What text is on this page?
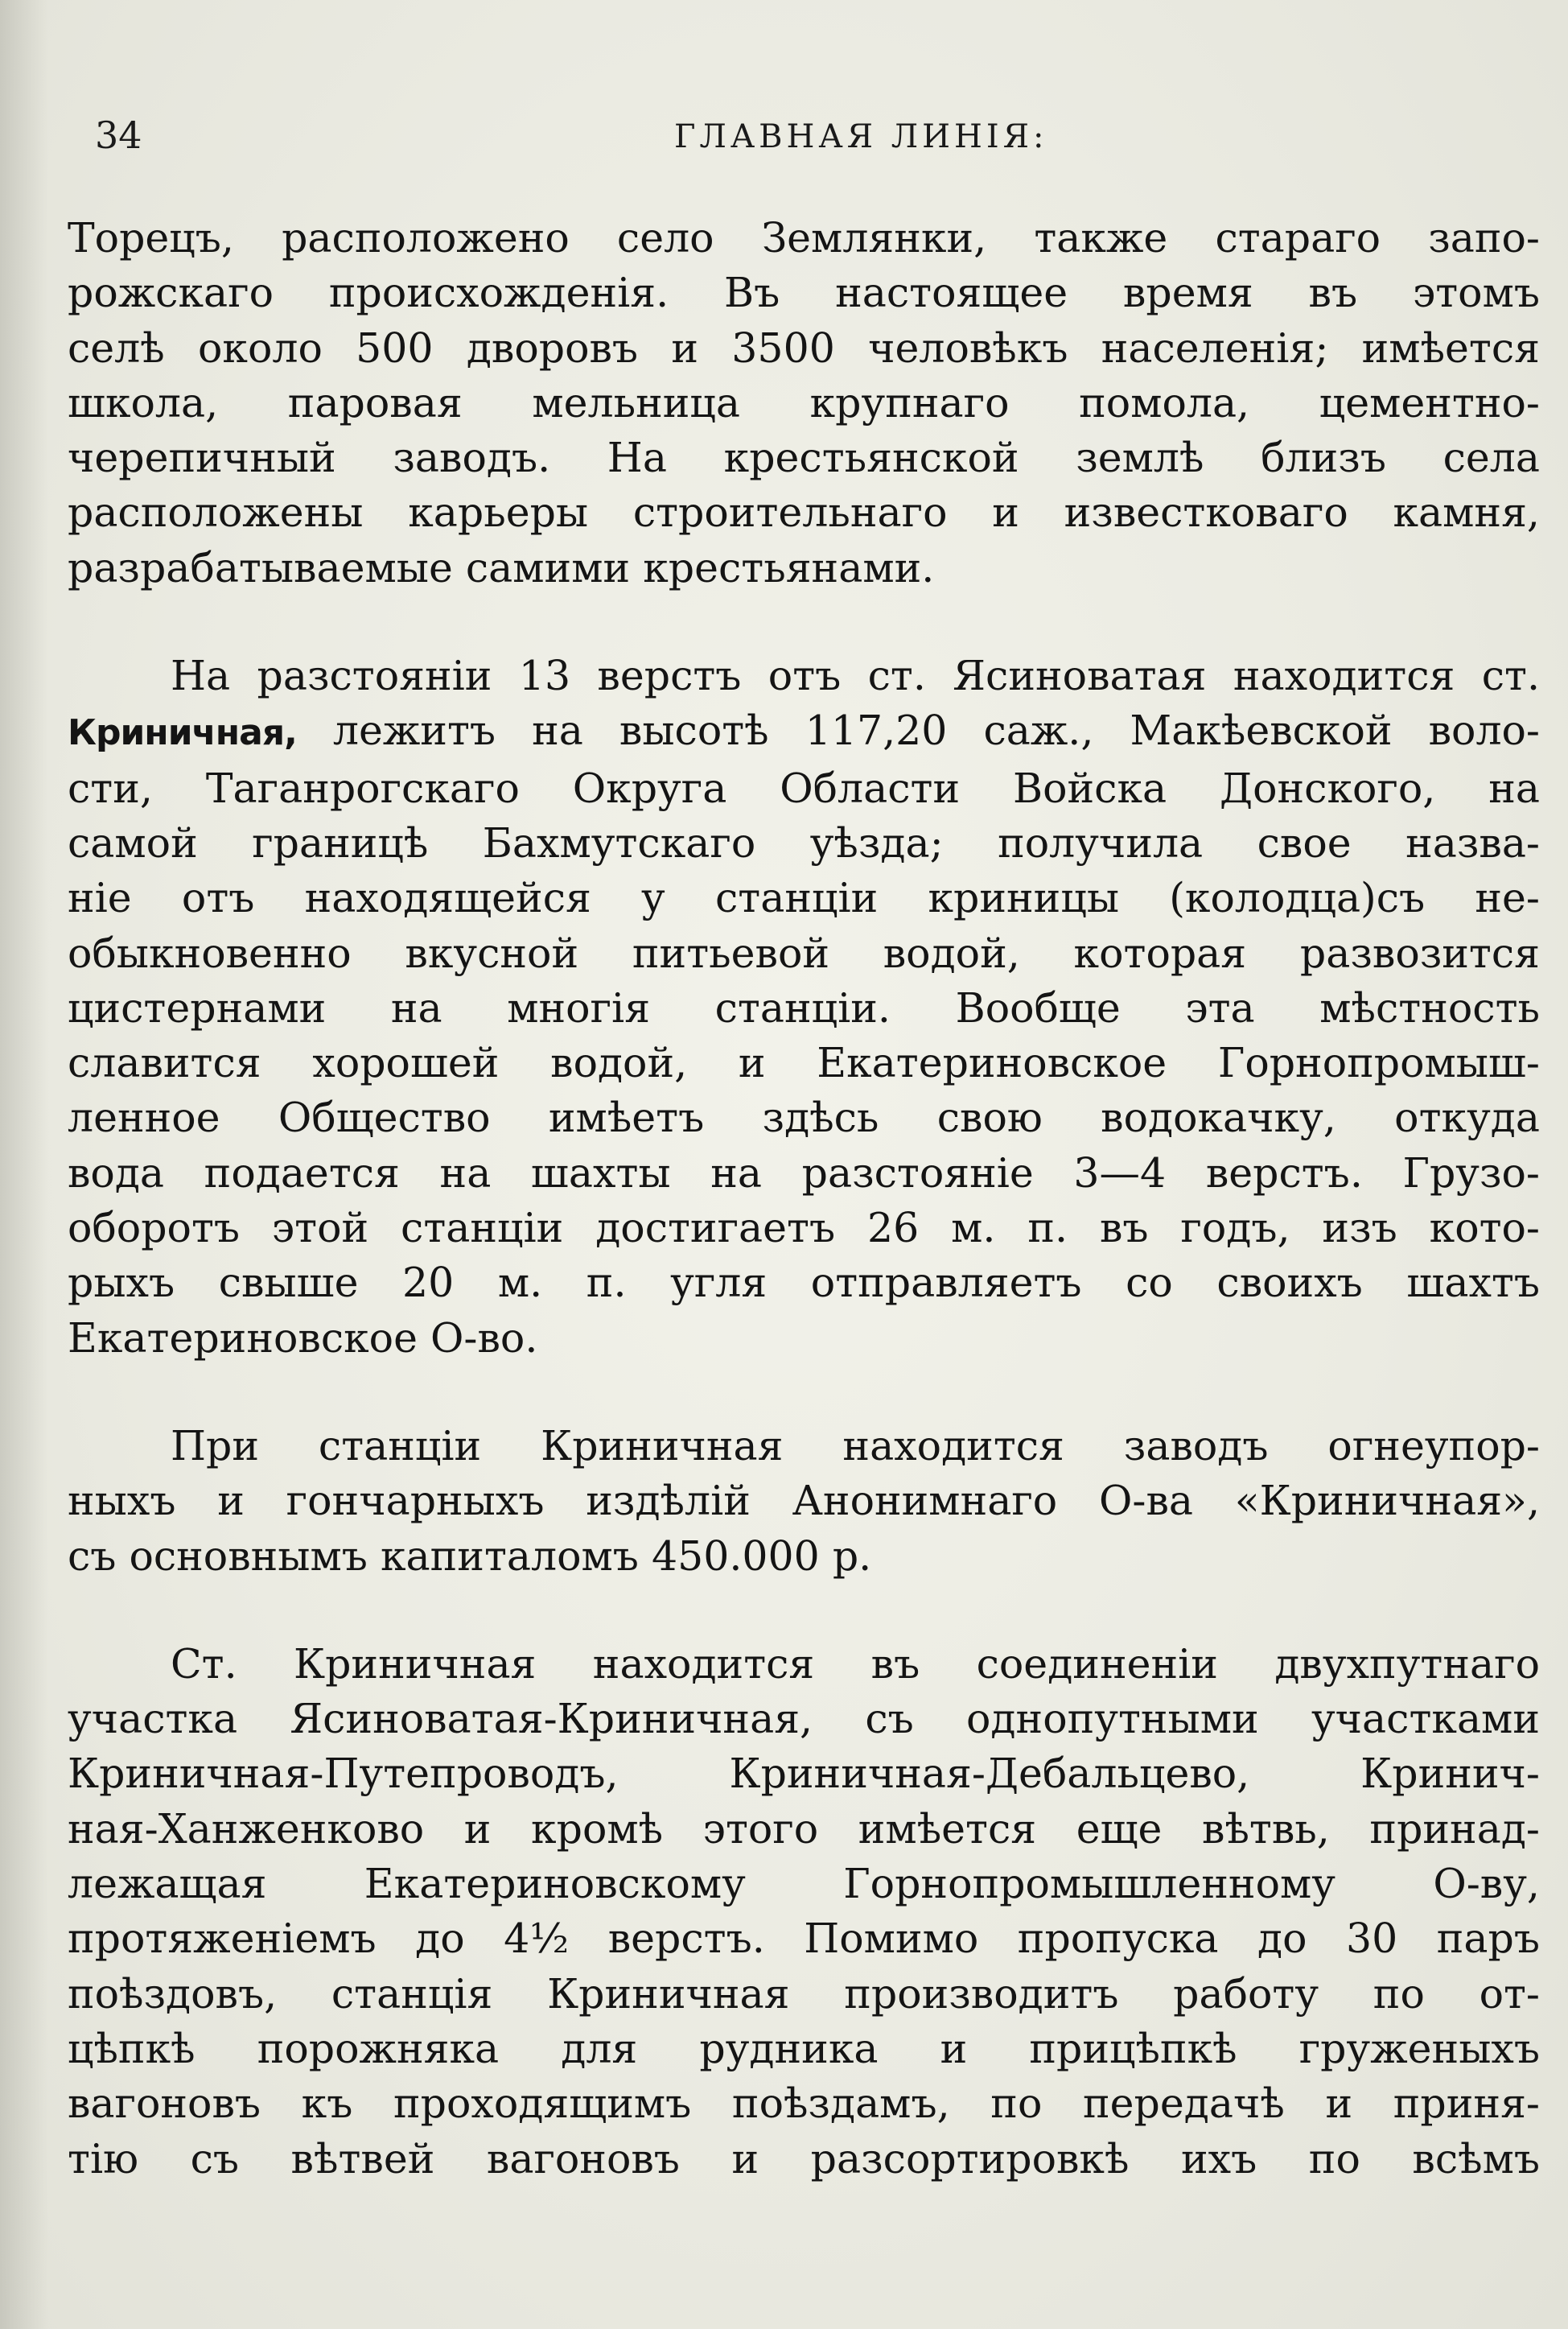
34	ГЛАВНАЯ ЛИНІЯ:
Торецъ, расположено село Землянки, также стараго запо-
рожскаго происхожденія. Въ настоящее время въ этомъ
селѣ около 500 дворовъ и 3500 человѣкъ населенія; имѣется
школа, паровая мельница крупнаго помола, цементно-
черепичный заводъ. На крестьянской землѣ близъ села
расположены карьеры строительнаго и известковаго камня,
разрабатываемые самими крестьянами.
На разстояніи 13 верстъ отъ ст. Ясиноватая находится ст.
Криничная, лежитъ на высотѣ 117,20 саж., Макѣевской воло-
сти, Таганрогскаго Округа Области Войска Донского, на
самой границѣ Бахмутскаго уѣзда; получила свое назва-
ніе отъ находящейся у станціи криницы (колодца)съ не-
обыкновенно вкусной питьевой водой, которая развозится
цистернами на многія станціи. Вообще эта мѣстность
славится хорошей водой, и Екатериновское Горнопромыш-
ленное Общество имѣетъ здѣсь свою водокачку, откуда
вода подается на шахты на разстояніе 3—4 верстъ. Грузо-
оборотъ этой станціи достигаетъ 26 м. п. въ годъ, изъ кото-
рыхъ свыше 20 м. п. угля отправляетъ со своихъ шахтъ
Екатериновское О-во.
При станціи Криничная находится заводъ огнеупор-
ныхъ и гончарныхъ издѣлій Анонимнаго О-ва «Криничная»,
съ основнымъ капиталомъ 450.000 р.
Ст. Криничная находится въ соединеніи двухпутнаго
участка Ясиноватая-Криничная, съ однопутными участками
Криничная-Путепроводъ, Криничная-Дебальцево, Кринич-
ная-Ханженково и кромѣ этого имѣется еще вѣтвь, принад-
лежащая Екатериновскому Горнопромышленному О-ву,
протяженіемъ до 4½ верстъ. Помимо пропуска до 30 паръ
поѣздовъ, станція Криничная производитъ работу по от-
цѣпкѣ порожняка для рудника и прицѣпкѣ груженыхъ
вагоновъ къ проходящимъ поѣздамъ, по передачѣ и приня-
тію съ вѣтвей вагоновъ и разсортировкѣ ихъ по всѣмъ
